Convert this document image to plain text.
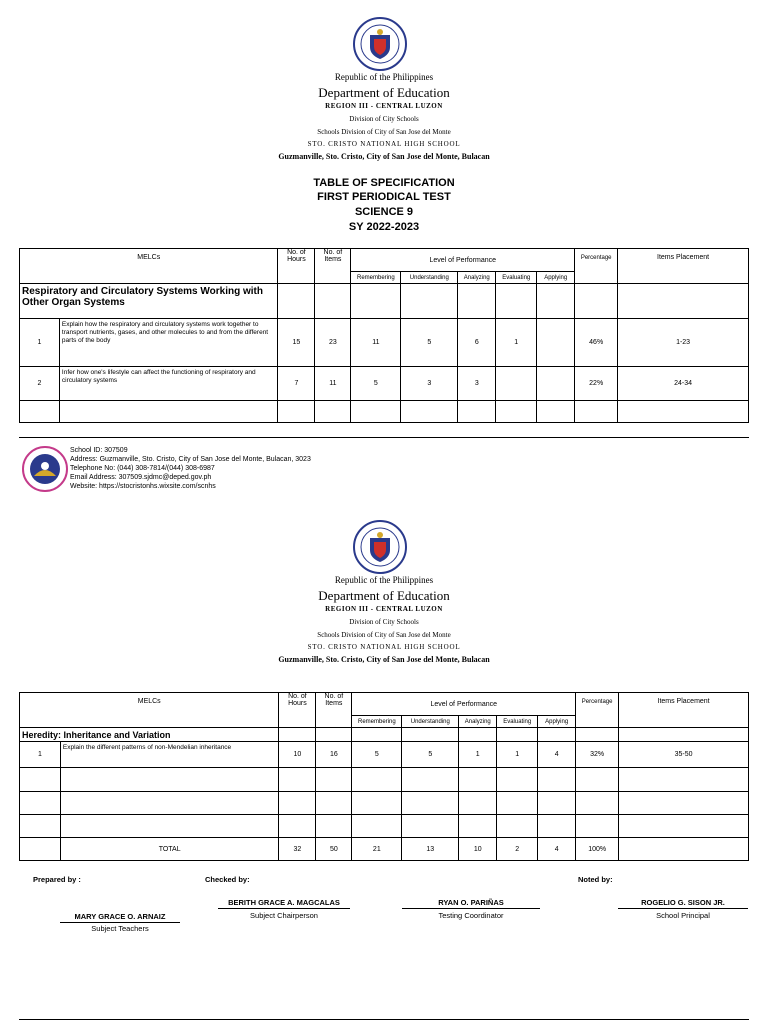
Republic of the Philippines
Department of Education
REGION III - CENTRAL LUZON
Division of City Schools
Schools Division of City of San Jose del Monte
STO. CRISTO NATIONAL HIGH SCHOOL
Guzmanville, Sto. Cristo, City of San Jose del Monte, Bulacan
TABLE OF SPECIFICATION
FIRST PERIODICAL TEST
SCIENCE 9
SY 2022-2023
MELCs		No. of Hours	No. of Items	Level of Performance					Percentage	Items Placement
				Remembering	Understanding	Analyzing	Evaluating	Applying		
Respiratory and Circulatory Systems Working with Other Organ Systems										
1	Explain how the respiratory and circulatory systems work together to transport nutrients, gases, and other molecules to and from the different parts of the body	15	23	11	5	6	1		46%	1-23
2	Infer how one's lifestyle can affect the functioning of respiratory and circulatory systems	7	11	5	3	3			22%	24-34

School ID: 307509
Address: Guzmanville, Sto. Cristo, City of San Jose del Monte, Bulacan, 3023
Telephone No: (044) 308-7814/(044) 308-6987
Email Address: 307509.sjdmc@deped.gov.ph
Website: https://stocristonhs.wixsite.com/scnhs
Republic of the Philippines
Department of Education
REGION III - CENTRAL LUZON
Division of City Schools
Schools Division of City of San Jose del Monte
STO. CRISTO NATIONAL HIGH SCHOOL
Guzmanville, Sto. Cristo, City of San Jose del Monte, Bulacan
MELCs		No. of Hours	No. of Items	Level of Performance					Percentage	Items Placement
				Remembering	Understanding	Analyzing	Evaluating	Applying		
Heredity: Inheritance and Variation										
1	Explain the different patterns of non-Mendelian inheritance	10	16	5	5	1	1	4	32%	35-50

	TOTAL	32	50	21	13	10	2	4	100%	
Prepared by :	Checked by:	Noted by:
BERITH GRACE A. MAGCALAS
Subject Chairperson
RYAN O. PARIÑAS
Testing Coordinator
ROGELIO G. SISON JR.
School Principal
MARY GRACE O. ARNAIZ
Subject Teachers
